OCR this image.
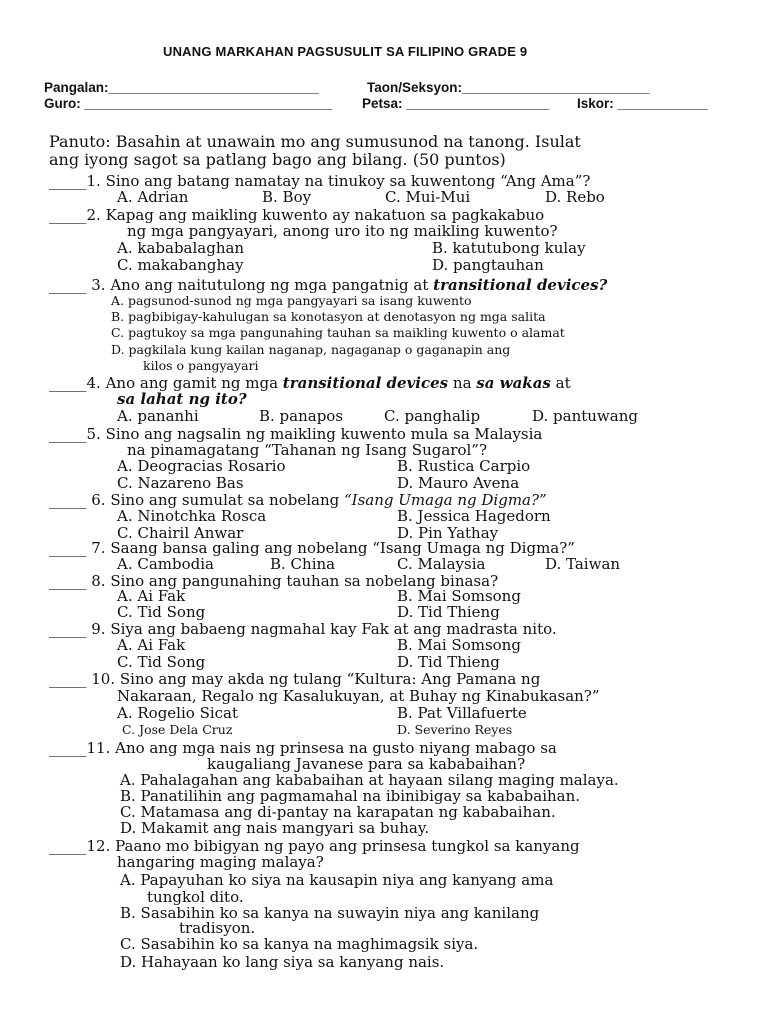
UNANG MARKAHAN PAGSUSULIT SA FILIPINO GRADE 9
Pangalan:____________________________	Taon/Seksyon:_________________________
Guro: _________________________________ Petsa: ___________________ Iskor: ____________
Panuto: Basahin at unawain mo ang sumusunod na tanong. Isulat
ang iyong sagot sa patlang bago ang bilang. (50 puntos)
_____1. Sino ang batang namatay na tinukoy sa kuwentong “Ang Ama”?
A. Adrian	B. Boy	C. Mui-Mui	D. Rebo
_____2. Kapag ang maikling kuwento ay nakatuon sa pagkakabuo
ng mga pangyayari, anong uro ito ng maikling kuwento?
A. kababalaghan	B. katutubong kulay
C. makabanghay	D. pangtauhan
_____ 3. Ano ang naitutulong ng mga pangatnig at transitional devices?
A. pagsunod-sunod ng mga pangyayari sa isang kuwento
B. pagbibigay-kahulugan sa konotasyon at denotasyon ng mga salita
C. pagtukoy sa mga pangunahing tauhan sa maikling kuwento o alamat
D. pagkilala kung kailan naganap, nagaganap o gaganapin ang
kilos o pangyayari
_____4. Ano ang gamit ng mga transitional devices na sa wakas at
sa lahat ng ito?
A. pananhi	B. panapos	C. panghalip	D. pantuwang
_____5. Sino ang nagsalin ng maikling kuwento mula sa Malaysia
na pinamagatang “Tahanan ng Isang Sugarol”?
A. Deogracias Rosario	B. Rustica Carpio
C. Nazareno Bas	D. Mauro Avena
_____ 6. Sino ang sumulat sa nobelang “Isang Umaga ng Digma?”
A. Ninotchka Rosca	B. Jessica Hagedorn
C. Chairil Anwar	D. Pin Yathay
_____ 7. Saang bansa galing ang nobelang “Isang Umaga ng Digma?”
A. Cambodia	B. China	C. Malaysia	D. Taiwan
_____ 8. Sino ang pangunahing tauhan sa nobelang binasa?
A. Ai Fak	B. Mai Somsong
C. Tid Song	D. Tid Thieng
_____ 9. Siya ang babaeng nagmahal kay Fak at ang madrasta nito.
A. Ai Fak	B. Mai Somsong
C. Tid Song	D. Tid Thieng
_____ 10. Sino ang may akda ng tulang “Kultura: Ang Pamana ng
Nakaraan, Regalo ng Kasalukuyan, at Buhay ng Kinabukasan?”
A. Rogelio Sicat	B. Pat Villafuerte
C. Jose Dela Cruz	D. Severino Reyes
_____11. Ano ang mga nais ng prinsesa na gusto niyang mabago sa
kaugaliang Javanese para sa kababaihan?
A. Pahalagahan ang kababaihan at hayaan silang maging malaya.
B. Panatilihin ang pagmamahal na ibinibigay sa kababaihan.
C. Matamasa ang di-pantay na karapatan ng kababaihan.
D. Makamit ang nais mangyari sa buhay.
_____12. Paano mo bibigyan ng payo ang prinsesa tungkol sa kanyang
hangaring maging malaya?
A. Papayuhan ko siya na kausapin niya ang kanyang ama
tungkol dito.
B. Sasabihin ko sa kanya na suwayin niya ang kanilang
tradisyon.
C. Sasabihin ko sa kanya na maghimagsik siya.
D. Hahayaan ko lang siya sa kanyang nais.
